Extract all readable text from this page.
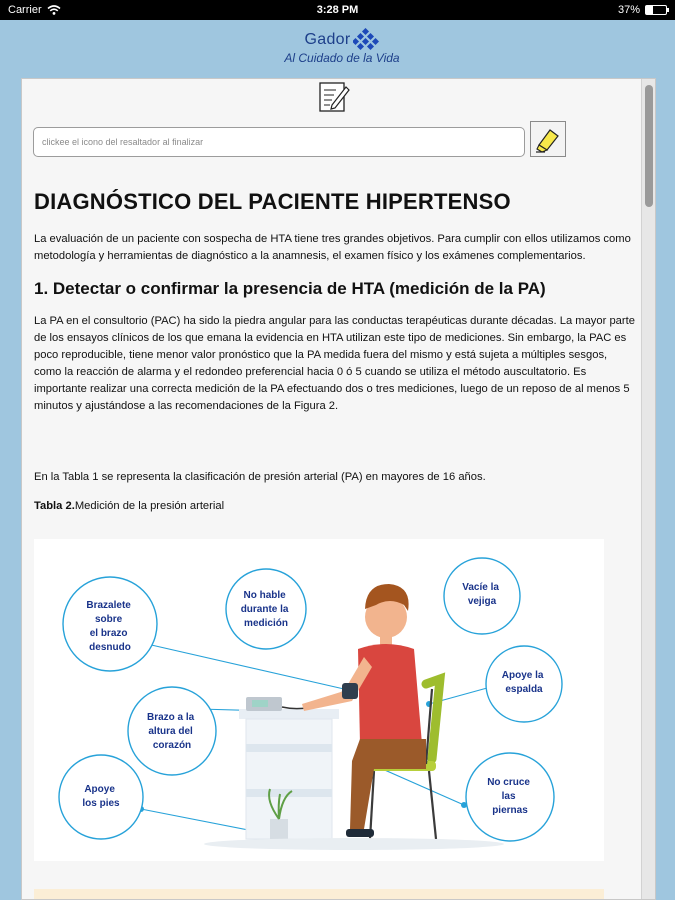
Carrier	3:28 PM	37%
Gador
Al Cuidado de la Vida
clickee el icono del resaltador al finalizar
DIAGNÓSTICO DEL PACIENTE HIPERTENSO

La evaluación de un paciente con sospecha de HTA tiene tres grandes objetivos. Para cumplir con ellos utilizamos como metodología y herramientas de diagnóstico a la anamnesis, el examen físico y los exámenes complementarios.

1. Detectar o confirmar la presencia de HTA (medición de la PA)

La PA en el consultorio (PAC) ha sido la piedra angular para las conductas terapéuticas durante décadas. La mayor parte de los ensayos clínicos de los que emana la evidencia en HTA utilizan este tipo de mediciones. Sin embargo, la PAC es poco reproducible, tiene menor valor pronóstico que la PA medida fuera del mismo y está sujeta a múltiples sesgos, como la reacción de alarma y el redondeo preferencial hacia 0 ó 5 cuando se utiliza el método auscultatorio. Es importante realizar una correcta medición de la PA efectuando dos o tres mediciones, luego de un reposo de al menos 5 minutos y ajustándose a las recomendaciones de la Figura 2.

En la Tabla 1 se representa la clasificación de presión arterial (PA) en mayores de 16 años.

Tabla 2.Medición de la presión arterial

Brazalete sobre el brazo desnudo
No hable durante la medición
Vacíe la vejiga
Apoye la espalda
Brazo a la altura del corazón
No cruce las piernas
Apoye los pies
